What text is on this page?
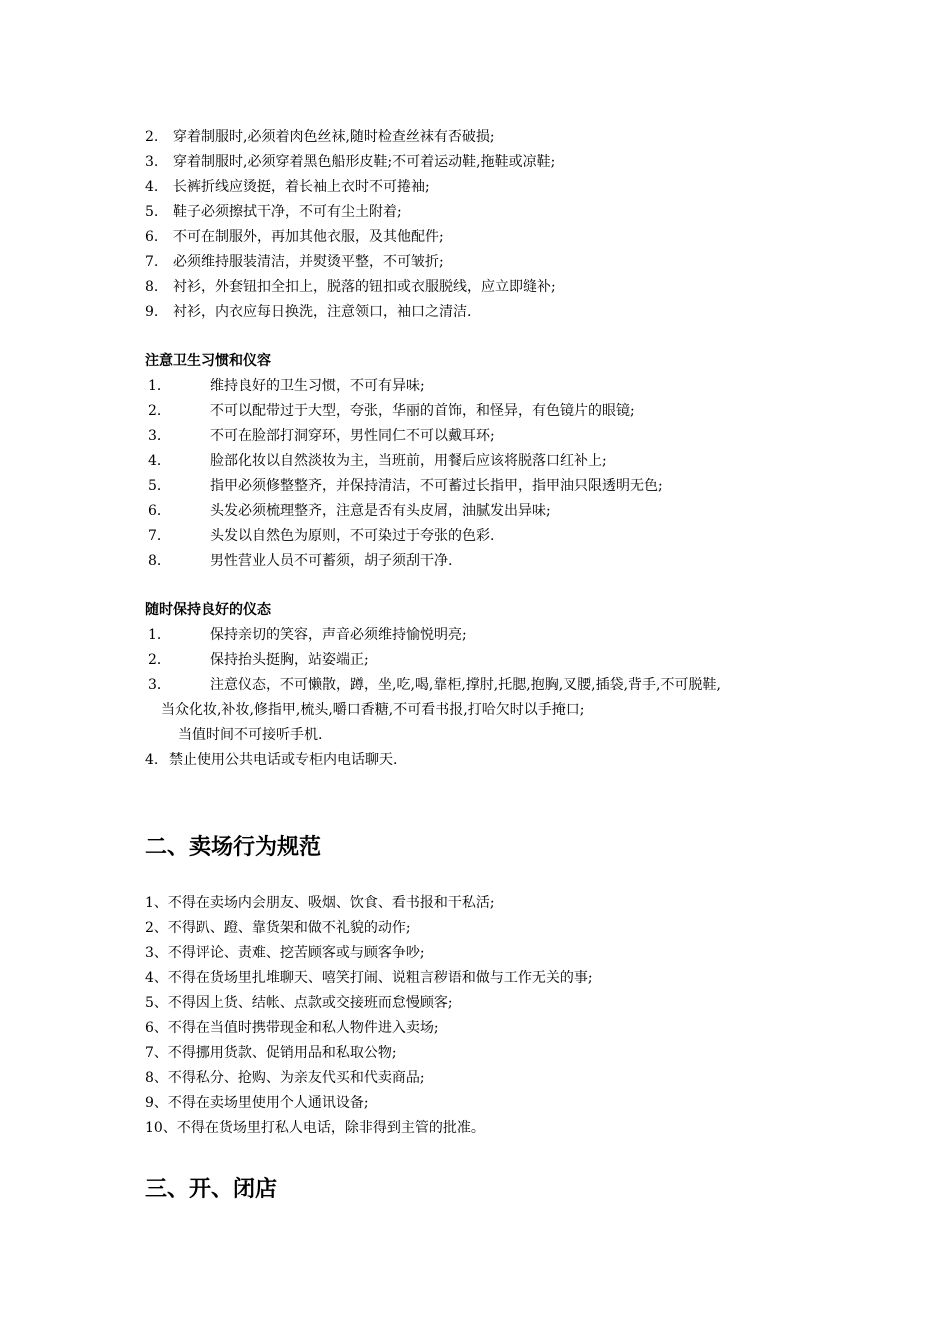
2. 穿着制服时,必须着肉色丝袜,随时检查丝袜有否破损;
3. 穿着制服时,必须穿着黑色船形皮鞋;不可着运动鞋,拖鞋或凉鞋;
4. 长裤折线应烫挺，着长袖上衣时不可捲袖;
5. 鞋子必须擦拭干净，不可有尘土附着;
6. 不可在制服外，再加其他衣服，及其他配件;
7. 必须维持服装清洁，并熨烫平整，不可皱折;
8. 衬衫，外套钮扣全扣上，脱落的钮扣或衣服脱线，应立即缝补;
9. 衬衫，内衣应每日换洗，注意领口，袖口之清洁.
注意卫生习惯和仪容
1．	维持良好的卫生习惯，不可有异味;
2．	不可以配带过于大型，夸张，华丽的首饰，和怪异，有色镜片的眼镜;
3．	不可在脸部打洞穿环，男性同仁不可以戴耳环;
4．	脸部化妆以自然淡妆为主，当班前，用餐后应该将脱落口红补上;
5．	指甲必须修整整齐，并保持清洁，不可蓄过长指甲，指甲油只限透明无色;
6．	头发必须梳理整齐，注意是否有头皮屑，油腻发出异味;
7．	头发以自然色为原则，不可染过于夸张的色彩.
8．	男性营业人员不可蓄须，胡子须刮干净.
随时保持良好的仪态
1．	保持亲切的笑容，声音必须维持愉悦明亮;
2．	保持抬头挺胸，站姿端正;
3．	注意仪态，不可懒散，蹲，坐,吃,喝,靠柜,撑肘,托腮,抱胸,叉腰,插袋,背手,不可脱鞋,
当众化妆,补妆,修指甲,梳头,嚼口香糖,不可看书报,打哈欠时以手掩口;
当值时间不可接听手机.
4. 禁止使用公共电话或专柜内电话聊天.
二、卖场行为规范
1、不得在卖场内会朋友、吸烟、饮食、看书报和干私活;
2、不得趴、蹬、靠货架和做不礼貌的动作;
3、不得评论、责难、挖苦顾客或与顾客争吵;
4、不得在货场里扎堆聊天、嘻笑打闹、说粗言秽语和做与工作无关的事;
5、不得因上货、结帐、点款或交接班而怠慢顾客;
6、不得在当值时携带现金和私人物件进入卖场;
7、不得挪用货款、促销用品和私取公物;
8、不得私分、抢购、为亲友代买和代卖商品;
9、不得在卖场里使用个人通讯设备;
10、不得在货场里打私人电话，除非得到主管的批准。
三、开、闭店
